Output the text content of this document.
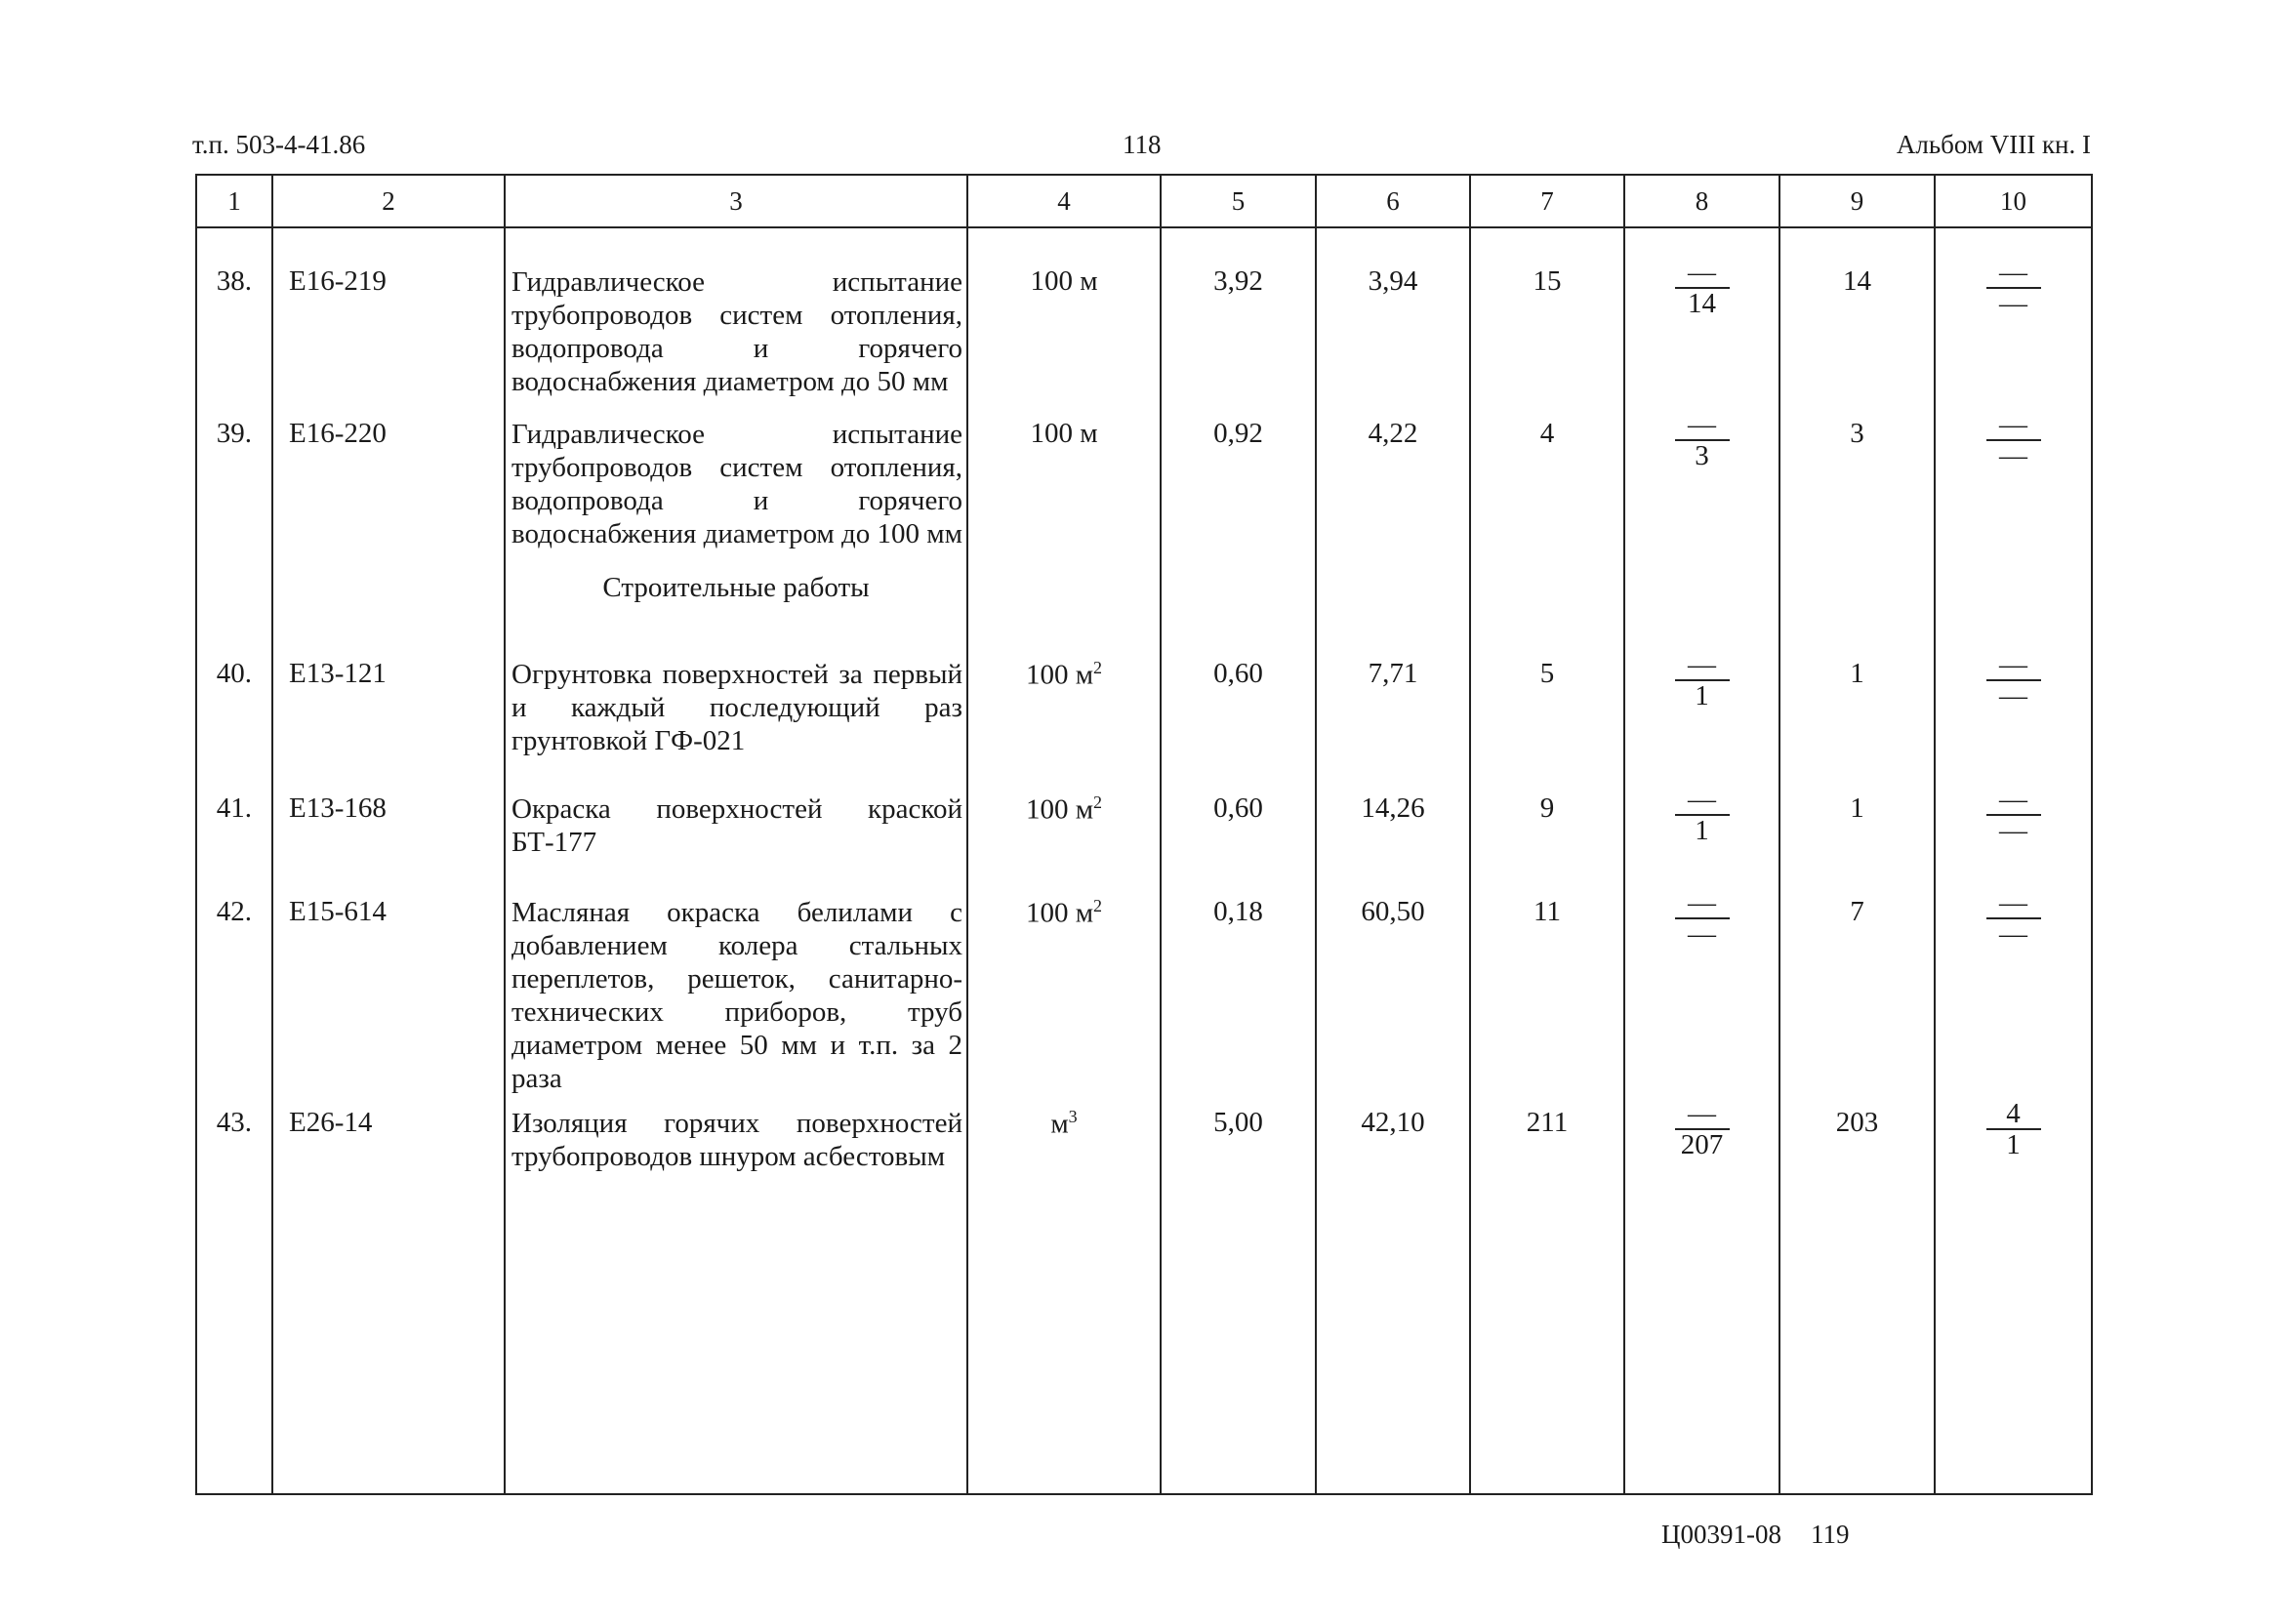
т.п. 503-4-41.86	118	Альбом VIII кн. I
1	2	3	4	5	6	7	8	9	10
38.	Е16-219	Гидравлическое испытание трубопроводов систем отопления, водопровода и горячего водоснабжения диаметром до 50 мм	100 м	3,92	3,94	15	$\frac{—}{14}$	14	$\frac{—}{—}$

39.	Е16-220	Гидравлическое испытание трубопроводов систем отопления, водопровода и горячего водоснабжения диаметром до 100 мм	100 м	0,92	4,22	4	$\frac{—}{3}$	3	$\frac{—}{—}$

		Строительные работы							
40.	Е13-121	Огрунтовка поверхностей за первый и каждый последующий раз грунтовкой ГФ-021	100 $м^2$	0,60	7,71	5	$\frac{—}{1}$	1	$\frac{—}{—}$

41.	Е13-168	Окраска поверхностей краской БТ-177	100 $м^2$	0,60	14,26	9	$\frac{—}{1}$	1	$\frac{—}{—}$

42.	Е15-614	Масляная окраска белилами с добавлением колера стальных переплетов, решеток, санитарно-технических приборов, труб диаметром менее 50 мм и т.п. за 2 раза	100 $м^2$	0,18	60,50	11	$\frac{—}{—}$	7	$\frac{—}{—}$

43.	Е26-14	Изоляция горячих поверхностей трубопроводов шнуром асбестовым	$м^3$	5,00	42,10	211	$\frac{—}{207}$	203	$\frac{4}{1}$
Ц00391-08 119
